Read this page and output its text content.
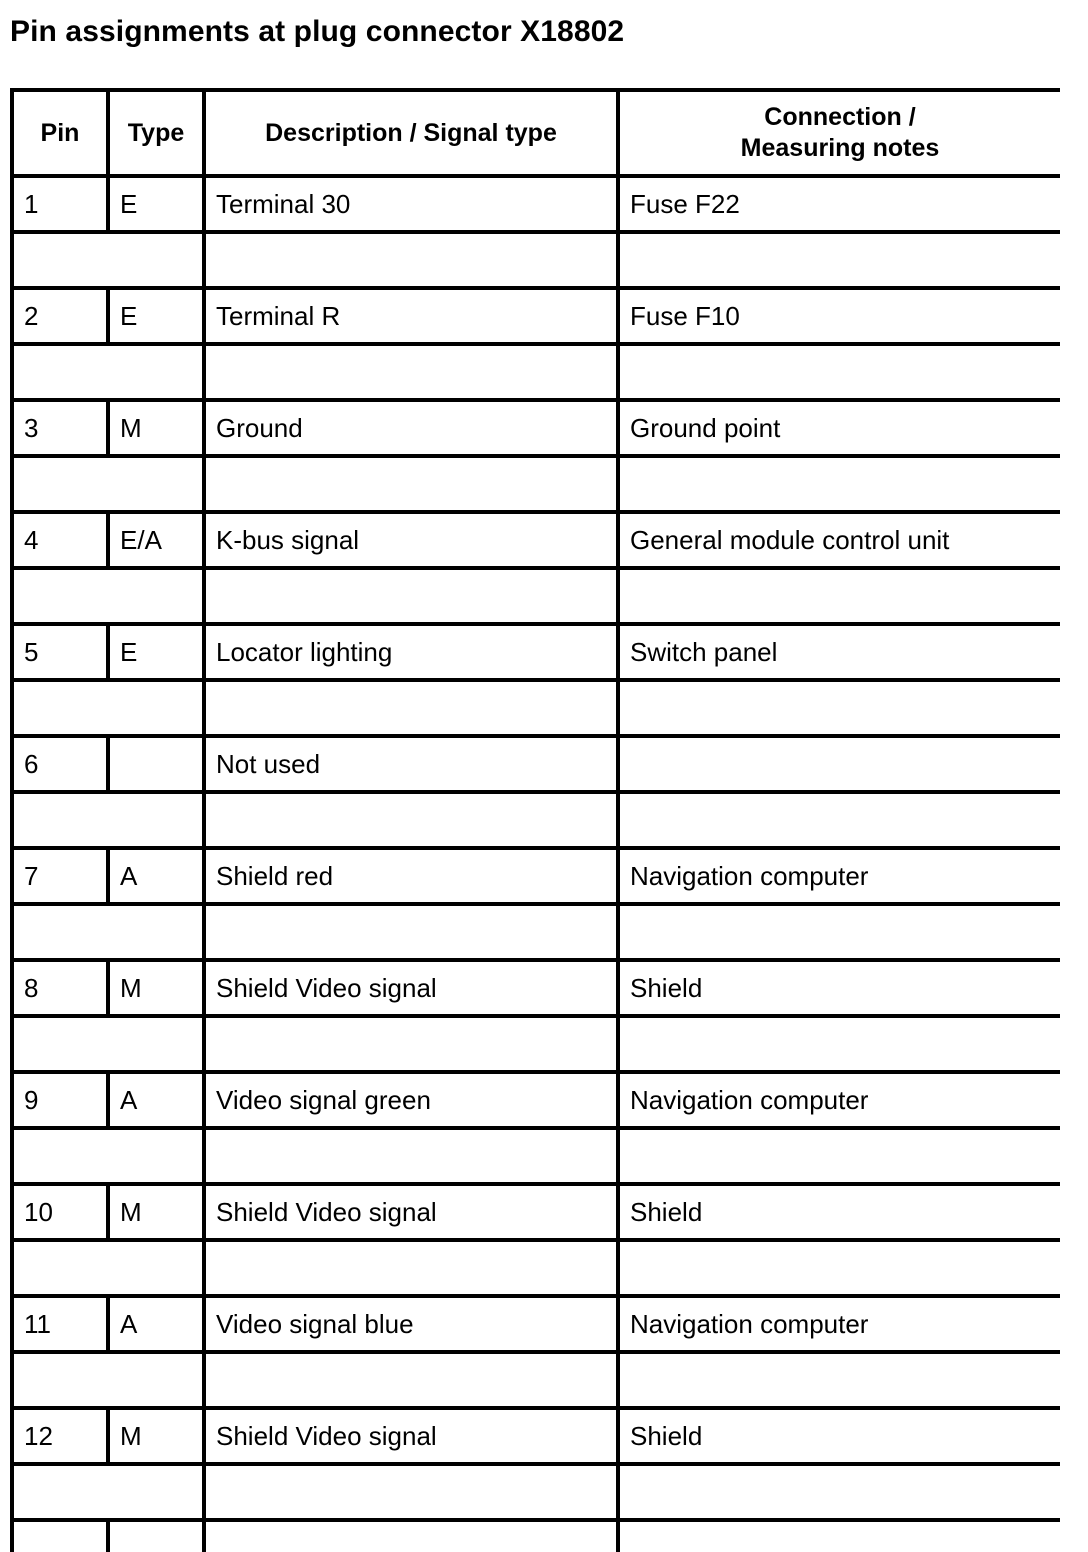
Pin assignments at plug connector X18802
Pin	Type	Description / Signal type	Connection /
Measuring notes
1	E	Terminal 30	Fuse F22

2	E	Terminal R	Fuse F10

3	M	Ground	Ground point

4	E/A	K-bus signal	General module control unit

5	E	Locator lighting	Switch panel

6		Not used	

7	A	Shield red	Navigation computer

8	M	Shield Video signal	Shield

9	A	Video signal green	Navigation computer

10	M	Shield Video signal	Shield

11	A	Video signal blue	Navigation computer

12	M	Shield Video signal	Shield
